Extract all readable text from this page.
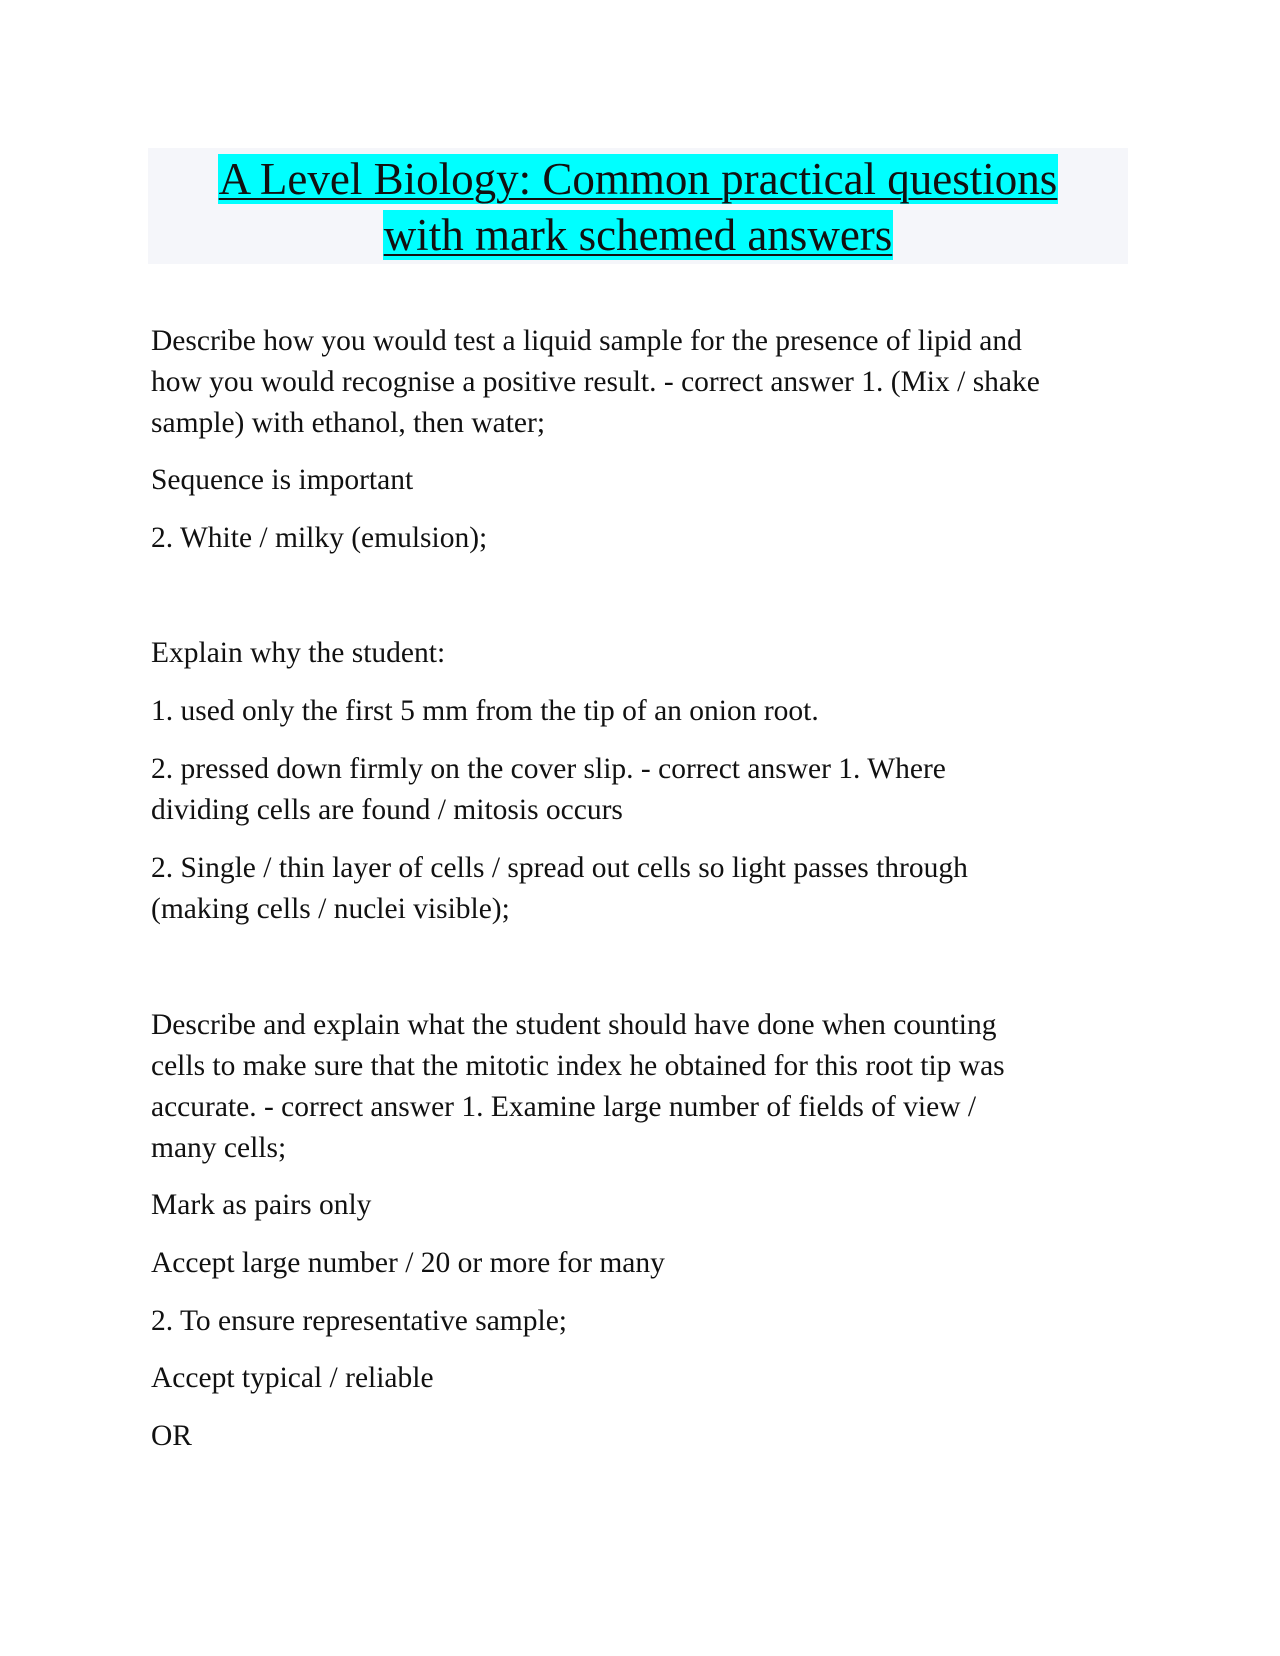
A Level Biology: Common practical questions
with mark schemed answers

Describe how you would test a liquid sample for the presence of lipid and

how you would recognise a positive result. - correct answer 1. (Mix / shake

sample) with ethanol, then water;

Sequence is important

2. White / milky (emulsion);

Explain why the student:

1. used only the first 5 mm from the tip of an onion root.

2. pressed down firmly on the cover slip. - correct answer 1. Where

dividing cells are found / mitosis occurs

2. Single / thin layer of cells / spread out cells so light passes through

(making cells / nuclei visible);

Describe and explain what the student should have done when counting

cells to make sure that the mitotic index he obtained for this root tip was

accurate. - correct answer 1. Examine large number of fields of view /

many cells;

Mark as pairs only

Accept large number / 20 or more for many

2. To ensure representative sample;

Accept typical / reliable

OR
